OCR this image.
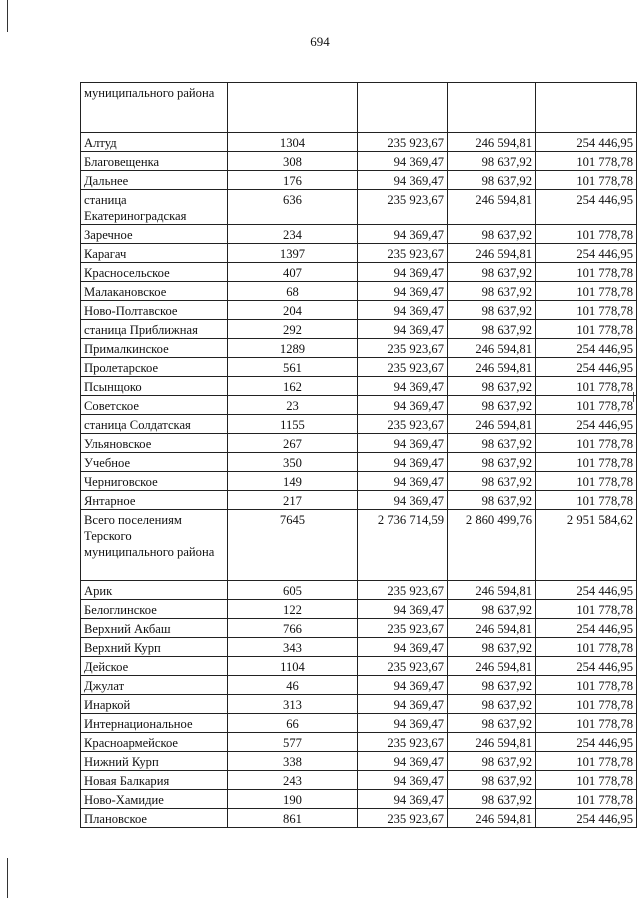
694
муниципального района				
Алтуд	1304	235 923,67	246 594,81	254 446,95
Благовещенка	308	94 369,47	98 637,92	101 778,78
Дальнее	176	94 369,47	98 637,92	101 778,78
станица Екатериноградская	636	235 923,67	246 594,81	254 446,95
Заречное	234	94 369,47	98 637,92	101 778,78
Карагач	1397	235 923,67	246 594,81	254 446,95
Красносельское	407	94 369,47	98 637,92	101 778,78
Малакановское	68	94 369,47	98 637,92	101 778,78
Ново-Полтавское	204	94 369,47	98 637,92	101 778,78
станица Приближная	292	94 369,47	98 637,92	101 778,78
Прималкинское	1289	235 923,67	246 594,81	254 446,95
Пролетарское	561	235 923,67	246 594,81	254 446,95
Псынщоко	162	94 369,47	98 637,92	101 778,78
Советское	23	94 369,47	98 637,92	101 778,78
станица Солдатская	1155	235 923,67	246 594,81	254 446,95
Ульяновское	267	94 369,47	98 637,92	101 778,78
Учебное	350	94 369,47	98 637,92	101 778,78
Черниговское	149	94 369,47	98 637,92	101 778,78
Янтарное	217	94 369,47	98 637,92	101 778,78
Всего поселениям Терского муниципального района	7645	2 736 714,59	2 860 499,76	2 951 584,62
Арик	605	235 923,67	246 594,81	254 446,95
Белоглинское	122	94 369,47	98 637,92	101 778,78
Верхний Акбаш	766	235 923,67	246 594,81	254 446,95
Верхний Курп	343	94 369,47	98 637,92	101 778,78
Дейское	1104	235 923,67	246 594,81	254 446,95
Джулат	46	94 369,47	98 637,92	101 778,78
Инаркой	313	94 369,47	98 637,92	101 778,78
Интернациональное	66	94 369,47	98 637,92	101 778,78
Красноармейское	577	235 923,67	246 594,81	254 446,95
Нижний Курп	338	94 369,47	98 637,92	101 778,78
Новая Балкария	243	94 369,47	98 637,92	101 778,78
Ново-Хамидие	190	94 369,47	98 637,92	101 778,78
Плановское	861	235 923,67	246 594,81	254 446,95
